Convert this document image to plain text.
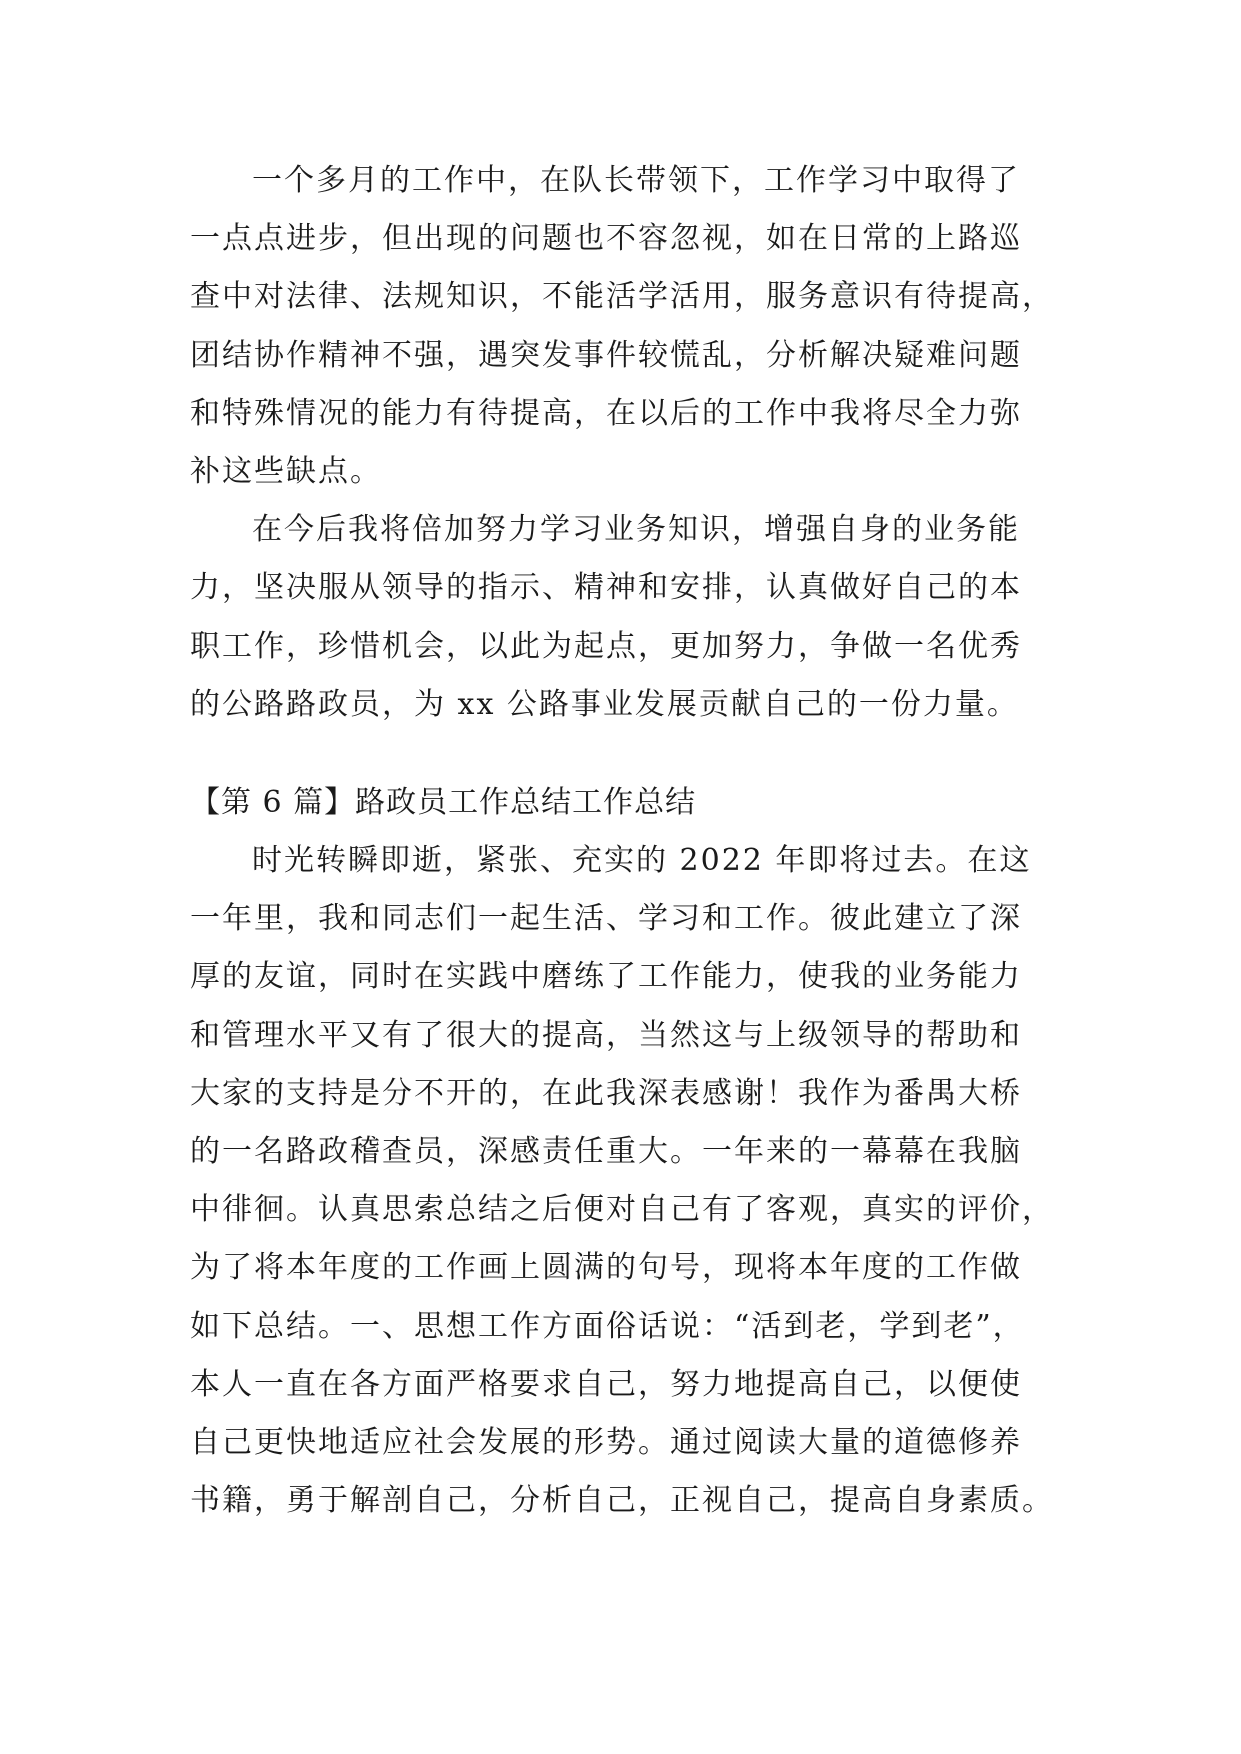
一个多月的工作中，在队长带领下，工作学习中取得了
一点点进步，但出现的问题也不容忽视，如在日常的上路巡
查中对法律、法规知识，不能活学活用，服务意识有待提高，
团结协作精神不强，遇突发事件较慌乱，分析解决疑难问题
和特殊情况的能力有待提高，在以后的工作中我将尽全力弥
补这些缺点。
在今后我将倍加努力学习业务知识，增强自身的业务能
力，坚决服从领导的指示、精神和安排，认真做好自己的本
职工作，珍惜机会，以此为起点，更加努力，争做一名优秀
的公路路政员，为 xx 公路事业发展贡献自己的一份力量。
【第 6 篇】路政员工作总结工作总结
时光转瞬即逝，紧张、充实的 2022 年即将过去。在这
一年里，我和同志们一起生活、学习和工作。彼此建立了深
厚的友谊，同时在实践中磨练了工作能力，使我的业务能力
和管理水平又有了很大的提高，当然这与上级领导的帮助和
大家的支持是分不开的，在此我深表感谢！我作为番禺大桥
的一名路政稽查员，深感责任重大。一年来的一幕幕在我脑
中徘徊。认真思索总结之后便对自己有了客观，真实的评价，
为了将本年度的工作画上圆满的句号，现将本年度的工作做
如下总结。一、思想工作方面俗话说：“活到老，学到老”，
本人一直在各方面严格要求自己，努力地提高自己，以便使
自己更快地适应社会发展的形势。通过阅读大量的道德修养
书籍，勇于解剖自己，分析自己，正视自己，提高自身素质。
